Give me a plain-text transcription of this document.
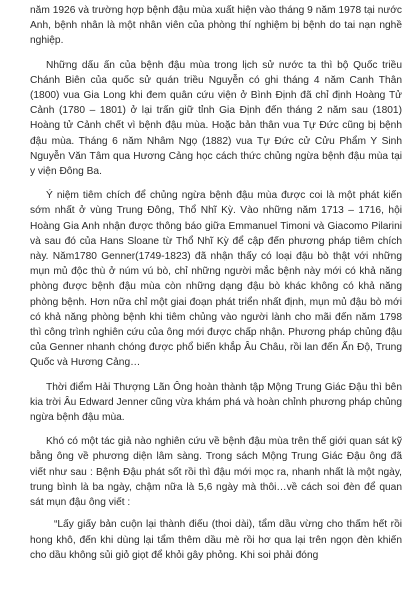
năm 1926 và trường hợp bệnh đậu mùa xuất hiện vào tháng 9 năm 1978 tại nước Anh, bệnh nhân là một nhân viên của phòng thí nghiệm bị bệnh do tai nạn nghề nghiệp.

Những dấu ấn của bệnh đậu mùa trong lịch sử nước ta thì bộ Quốc triều Chánh Biên của quốc sử quán triều Nguyễn có ghi tháng 4 năm Canh Thân (1800) vua Gia Long khi đem quân cứu viện ở Bình Định đã chỉ định Hoàng Tử Cảnh (1780 – 1801) ở lại trấn giữ tỉnh Gia Định đến tháng 2 năm sau (1801) Hoàng tử Cảnh chết vì bệnh đậu mùa. Hoặc bản thân vua Tự Đức cũng bị bệnh đậu mùa. Tháng 6 năm Nhâm Ngọ (1882) vua Tự Đức cử Cửu Phẩm Y Sinh Nguyễn Văn Tâm qua Hương Cảng học cách thức chủng ngừa bệnh đậu mùa tại y viện Đông Ba.

Ý niệm tiêm chích để chủng ngừa bệnh đậu mùa được coi là một phát kiến sớm nhất ở vùng Trung Đông, Thổ Nhĩ Kỳ. Vào những năm 1713 – 1716, hội Hoàng Gia Anh nhận được thông báo giữa Emmanuel Timoni và Giacomo Pilarini và sau đó của Hans Sloane từ Thổ Nhĩ Kỳ để cập đến phương pháp tiêm chích này. Năm1780 Genner(1749-1823) đã nhận thấy có loại đậu bò thật với những mụn mủ độc thù ở núm vú bò, chỉ những người mắc bệnh này mới có khả năng phòng được bệnh đậu mùa còn những dạng đậu bò khác không có khả năng phòng bệnh. Hơn nữa chỉ một giai đoạn phát triển nhất định, mụn mủ đậu bò mới có khả năng phòng bệnh khi tiêm chủng vào người lành cho mãi đến năm 1798 thì công trình nghiên cứu của ông mới được chấp nhận. Phương pháp chủng đậu của Genner nhanh chóng được phổ biến khắp Âu Châu, rồi lan đến Ấn Độ, Trung Quốc và Hương Cảng…

Thời điểm Hải Thượng Lãn Ông hoàn thành tập Mộng Trung Giác Đậu thì bên kia trời Âu Edward Jenner cũng vừa khám phá và hoàn chỉnh phương pháp chủng ngừa bệnh đậu mùa.

Khó có một tác giả nào nghiên cứu về bệnh đậu mùa trên thế giới quan sát kỹ bằng ông về phương diện lâm sàng. Trong sách Mộng Trung Giác Đậu ông đã viết như sau : Bệnh Đậu phát sốt rồi thì đậu mới mọc ra, nhanh nhất là một ngày, trung bình là ba ngày, chậm nữa là 5,6 ngày mà thôi…về cách soi đèn để quan sát mụn đậu ông viết :

“Lấy giấy bản cuộn lại thành điếu (thoi dài), tẩm dầu vừng cho thấm hết rồi hong khô, đến khi dùng lại tẩm thêm dầu mè rồi hơ qua lại trên ngọn đèn khiến cho dầu không sủi giỏ giọt để khỏi gây phỏng. Khi soi phải đóng
